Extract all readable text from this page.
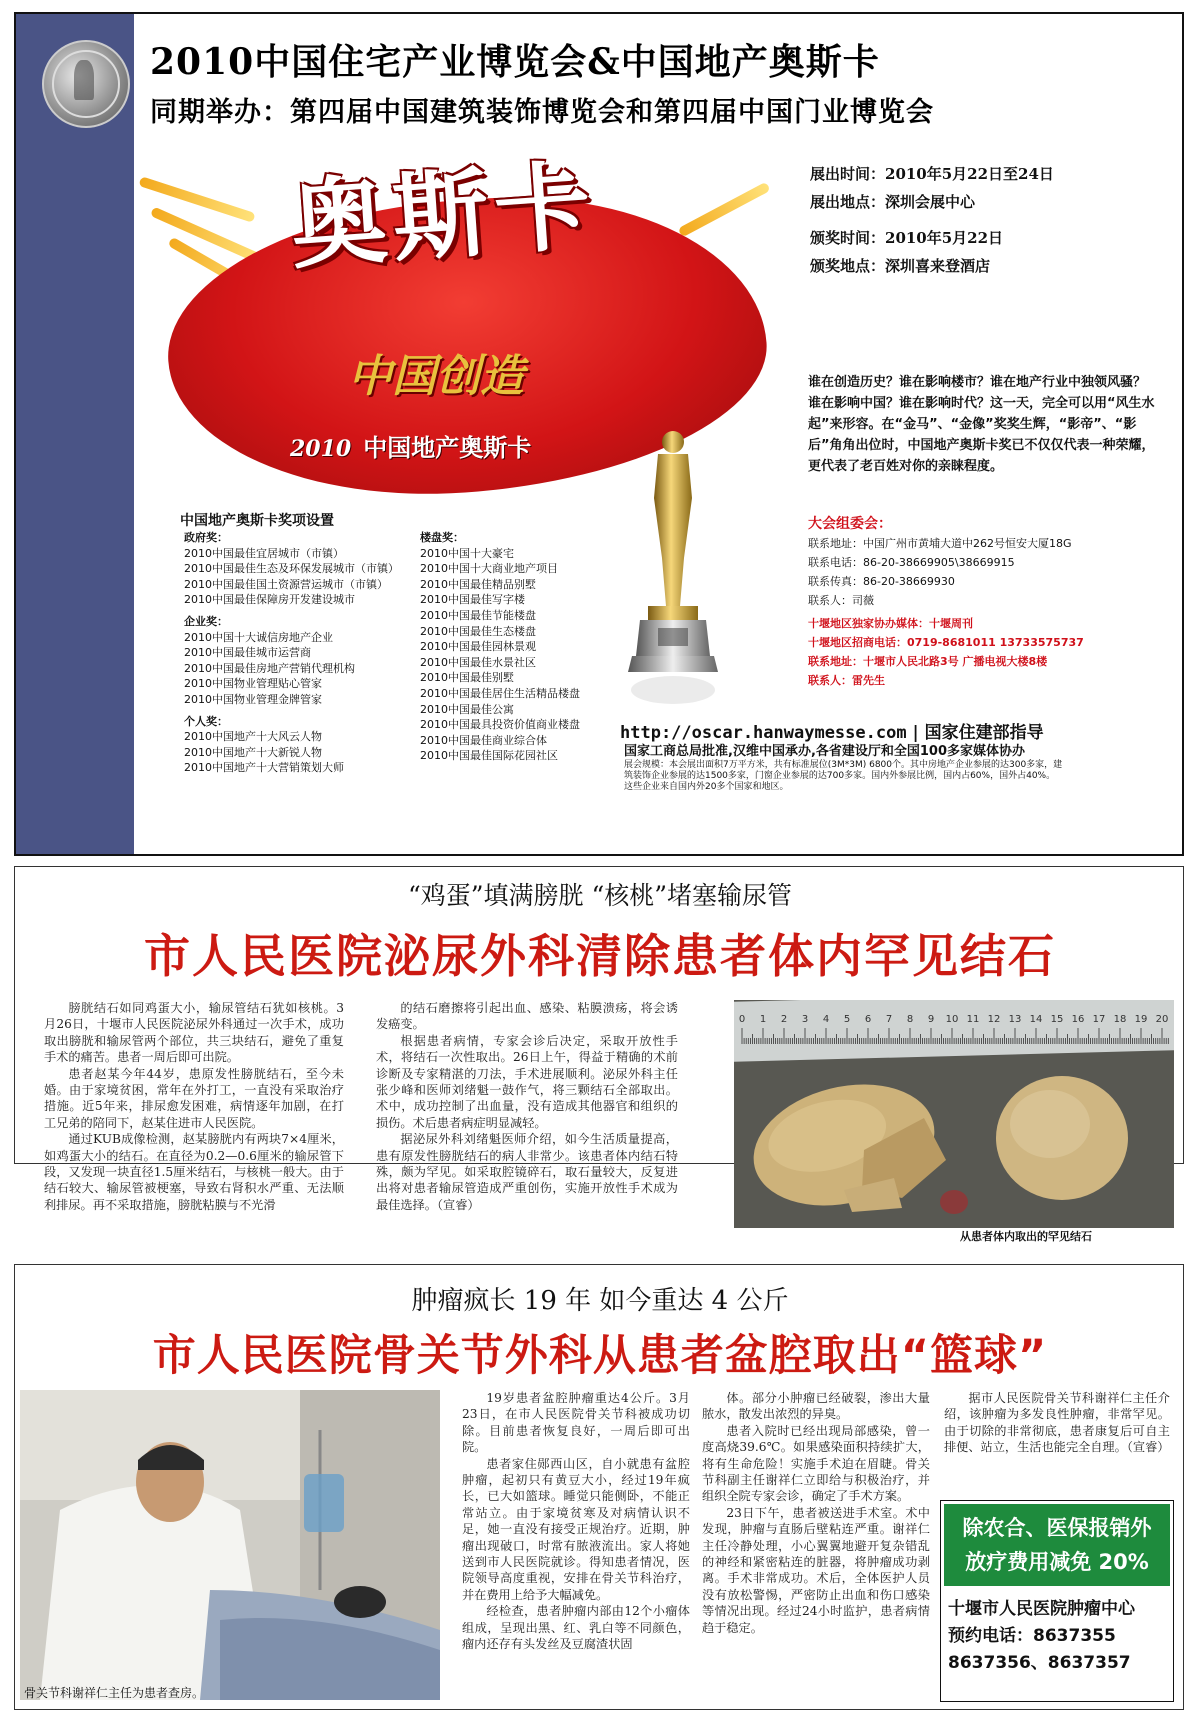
2010中国住宅产业博览会&中国地产奥斯卡
同期举办：第四届中国建筑装饰博览会和第四届中国门业博览会
奥斯卡
中国创造
2010 中国地产奥斯卡
展出时间：2010年5月22日至24日
展出地点：深圳会展中心
颁奖时间：2010年5月22日
颁奖地点：深圳喜来登酒店
谁在创造历史？谁在影响楼市？谁在地产行业中独领风骚？谁在影响中国？谁在影响时代？这一天，完全可以用“风生水起”来形容。在“金马”、“金像”奖奖生辉，“影帝”、“影后”角角出位时，中国地产奥斯卡奖已不仅仅代表一种荣耀，更代表了老百姓对你的亲睐程度。
中国地产奥斯卡奖项设置
政府奖：
2010中国最佳宜居城市（市镇）
2010中国最佳生态及环保发展城市（市镇）
2010中国最佳国土资源营运城市（市镇）
2010中国最佳保障房开发建设城市
企业奖：
2010中国十大诚信房地产企业
2010中国最佳城市运营商
2010中国最佳房地产营销代理机构
2010中国物业管理贴心管家
2010中国物业管理金牌管家
个人奖：
2010中国地产十大风云人物
2010中国地产十大新锐人物
2010中国地产十大营销策划大师
楼盘奖：
2010中国十大豪宅
2010中国十大商业地产项目
2010中国最佳精品别墅
2010中国最佳写字楼
2010中国最佳节能楼盘
2010中国最佳生态楼盘
2010中国最佳园林景观
2010中国最佳水景社区
2010中国最佳别墅
2010中国最佳居住生活精品楼盘
2010中国最佳公寓
2010中国最具投资价值商业楼盘
2010中国最佳商业综合体
2010中国最佳国际花园社区
大会组委会：
联系地址：中国广州市黄埔大道中262号恒安大厦18G
联系电话：86-20-38669905\38669915
联系传真：86-20-38669930
联系人：司薇
十堰地区独家协办媒体：十堰周刊
十堰地区招商电话：0719-8681011 13733575737
联系地址：十堰市人民北路3号 广播电视大楼8楼
联系人：雷先生
http://oscar.hanwaymesse.com | 国家住建部指导
国家工商总局批准,汉维中国承办,各省建设厅和全国100多家媒体协办
展会规模：本会展出面积7万平方米，共有标准展位(3M*3M) 6800个。其中房地产企业参展的达300多家，建筑装饰企业参展的达1500多家，门窗企业参展的达700多家。国内外参展比例，国内占60%，国外占40%。这些企业来自国内外20多个国家和地区。
“鸡蛋”填满膀胱 “核桃”堵塞输尿管
市人民医院泌尿外科清除患者体内罕见结石

膀胱结石如同鸡蛋大小，输尿管结石犹如核桃。3月26日，十堰市人民医院泌尿外科通过一次手术，成功取出膀胱和输尿管两个部位，共三块结石，避免了重复手术的痛苦。患者一周后即可出院。

患者赵某今年44岁，患原发性膀胱结石，至今未婚。由于家境贫困，常年在外打工，一直没有采取治疗措施。近5年来，排尿愈发困难，病情逐年加剧，在打工兄弟的陪同下，赵某住进市人民医院。

通过KUB成像检测，赵某膀胱内有两块7×4厘米，如鸡蛋大小的结石。在直径为0.2—0.6厘米的输尿管下段，又发现一块直径1.5厘米结石，与核桃一般大。由于结石较大、输尿管被梗塞，导致右肾积水严重、无法顺利排尿。再不采取措施，膀胱粘膜与不光滑

的结石磨擦将引起出血、感染、粘膜溃疡，将会诱发癌变。

根据患者病情，专家会诊后决定，采取开放性手术，将结石一次性取出。26日上午，得益于精确的术前诊断及专家精湛的刀法，手术进展顺利。泌尿外科主任张少峰和医师刘绪魁一鼓作气，将三颗结石全部取出。术中，成功控制了出血量，没有造成其他器官和组织的损伤。术后患者病症明显减轻。

据泌尿外科刘绪魁医师介绍，如今生活质量提高，患有原发性膀胱结石的病人非常少。该患者体内结石特殊，颇为罕见。如采取腔镜碎石，取石量较大，反复进出将对患者输尿管造成严重创伤，实施开放性手术成为最佳选择。（宣睿）

0 1 2 3 4 5 6 7 8 9 10 11 12 13 14 15 16 17 18 19 20
从患者体内取出的罕见结石
肿瘤疯长 19 年 如今重达 4 公斤
市人民医院骨关节外科从患者盆腔取出“篮球”
骨关节科谢祥仁主任为患者查房。

19岁患者盆腔肿瘤重达4公斤。3月23日，在市人民医院骨关节科被成功切除。目前患者恢复良好，一周后即可出院。

患者家住郧西山区，自小就患有盆腔肿瘤，起初只有黄豆大小，经过19年疯长，已大如篮球。睡觉只能侧卧，不能正常站立。由于家境贫寒及对病情认识不足，她一直没有接受正规治疗。近期，肿瘤出现破口，时常有脓液流出。家人将她送到市人民医院就诊。得知患者情况，医院领导高度重视，安排在骨关节科治疗，并在费用上给予大幅减免。

经检查，患者肿瘤内部由12个小瘤体组成，呈现出黑、红、乳白等不同颜色，瘤内还存有头发丝及豆腐渣状固

体。部分小肿瘤已经破裂，渗出大量脓水，散发出浓烈的异臭。

患者入院时已经出现局部感染，曾一度高烧39.6℃。如果感染面积持续扩大，将有生命危险！实施手术迫在眉睫。骨关节科副主任谢祥仁立即给与积极治疗，并组织全院专家会诊，确定了手术方案。

23日下午，患者被送进手术室。术中发现，肿瘤与直肠后壁粘连严重。谢祥仁主任冷静处理，小心翼翼地避开复杂错乱的神经和紧密粘连的脏器，将肿瘤成功剥离。手术非常成功。术后，全体医护人员没有放松警惕，严密防止出血和伤口感染等情况出现。经过24小时监护，患者病情趋于稳定。

据市人民医院骨关节科谢祥仁主任介绍，该肿瘤为多发良性肿瘤，非常罕见。由于切除的非常彻底，患者康复后可自主排便、站立，生活也能完全自理。（宣睿）

除农合、医保报销外
放疗费用减免 20%
十堰市人民医院肿瘤中心
预约电话：8637355
8637356、8637357
